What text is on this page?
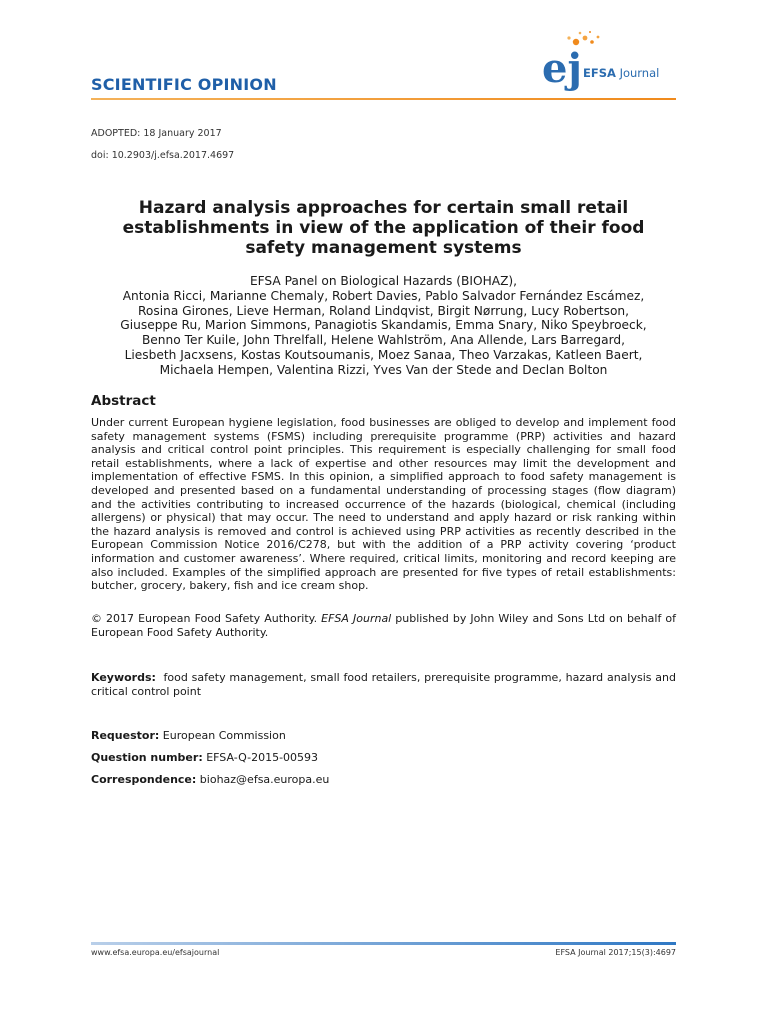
SCIENTIFIC OPINION	ej EFSA Journal
ADOPTED: 18 January 2017
doi: 10.2903/j.efsa.2017.4697
Hazard analysis approaches for certain small retail establishments in view of the application of their food safety management systems
EFSA Panel on Biological Hazards (BIOHAZ),
Antonia Ricci, Marianne Chemaly, Robert Davies, Pablo Salvador Fernández Escámez,
Rosina Girones, Lieve Herman, Roland Lindqvist, Birgit Nørrung, Lucy Robertson,
Giuseppe Ru, Marion Simmons, Panagiotis Skandamis, Emma Snary, Niko Speybroeck,
Benno Ter Kuile, John Threlfall, Helene Wahlström, Ana Allende, Lars Barregard,
Liesbeth Jacxsens, Kostas Koutsoumanis, Moez Sanaa, Theo Varzakas, Katleen Baert,
Michaela Hempen, Valentina Rizzi, Yves Van der Stede and Declan Bolton
Abstract
Under current European hygiene legislation, food businesses are obliged to develop and implement food safety management systems (FSMS) including prerequisite programme (PRP) activities and hazard analysis and critical control point principles. This requirement is especially challenging for small food retail establishments, where a lack of expertise and other resources may limit the development and implementation of effective FSMS. In this opinion, a simplified approach to food safety management is developed and presented based on a fundamental understanding of processing stages (flow diagram) and the activities contributing to increased occurrence of the hazards (biological, chemical (including allergens) or physical) that may occur. The need to understand and apply hazard or risk ranking within the hazard analysis is removed and control is achieved using PRP activities as recently described in the European Commission Notice 2016/C278, but with the addition of a PRP activity covering ‘product information and customer awareness’. Where required, critical limits, monitoring and record keeping are also included. Examples of the simplified approach are presented for five types of retail establishments: butcher, grocery, bakery, fish and ice cream shop.
© 2017 European Food Safety Authority. EFSA Journal published by John Wiley and Sons Ltd on behalf of European Food Safety Authority.
Keywords: food safety management, small food retailers, prerequisite programme, hazard analysis and critical control point
Requestor: European Commission
Question number: EFSA-Q-2015-00593
Correspondence: biohaz@efsa.europa.eu
www.efsa.europa.eu/efsajournal	EFSA Journal 2017;15(3):4697
